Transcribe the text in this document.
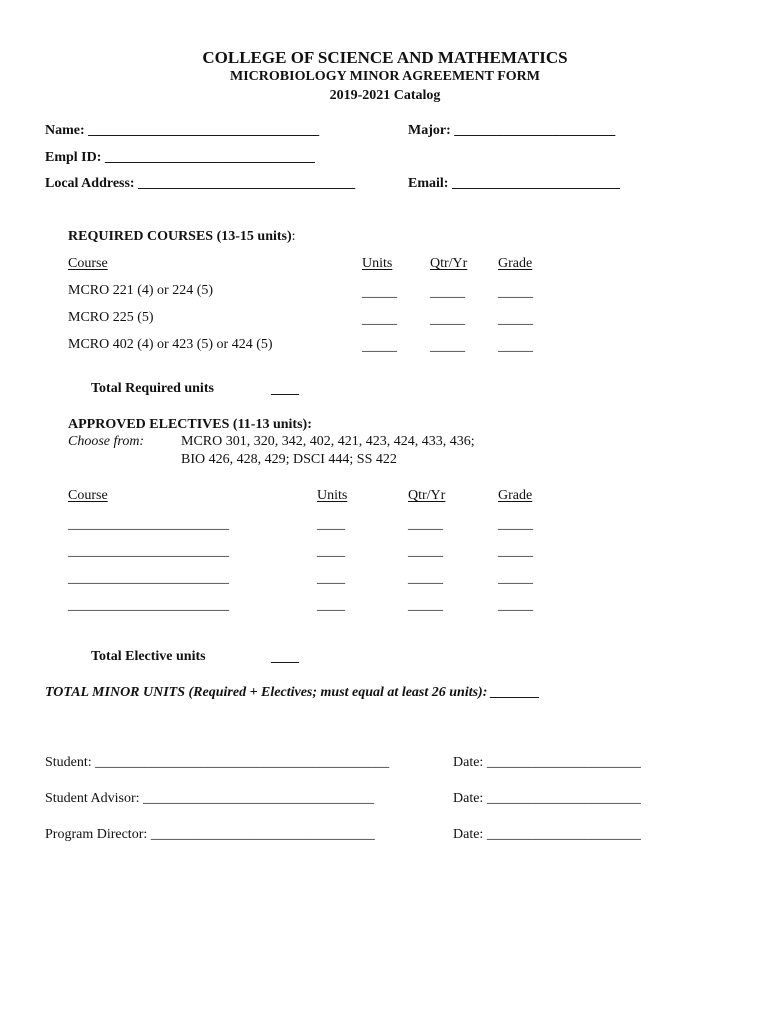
COLLEGE OF SCIENCE AND MATHEMATICS
MICROBIOLOGY MINOR AGREEMENT FORM
2019-2021 Catalog
Name: _________________________________	Major: _______________________
Empl ID: ______________________________
Local Address: _______________________________	Email: ________________________
REQUIRED COURSES (13-15 units):
Course	Units	Qtr/Yr Grade
MCRO 221 (4) or 224 (5)	_____ _____ _____
MCRO 225 (5)	_____ _____ _____
MCRO 402 (4) or 423 (5) or 424 (5)	_____ _____ _____
Total Required units	____
APPROVED ELECTIVES (11-13 units):
Choose from:	MCRO 301, 320, 342, 402, 421, 423, 424, 433, 436;
BIO 426, 428, 429; DSCI 444; SS 422
Course	Units	Qtr/Yr	Grade
_______________________	____	_____	_____
_______________________	____	_____	_____
_______________________	____	_____	_____
_______________________	____	_____	_____
Total Elective units	____
TOTAL MINOR UNITS (Required + Electives; must equal at least 26 units): _______
Student: __________________________________________	Date: ______________________
Student Advisor: _________________________________	Date: ______________________
Program Director: ________________________________	Date: ______________________
